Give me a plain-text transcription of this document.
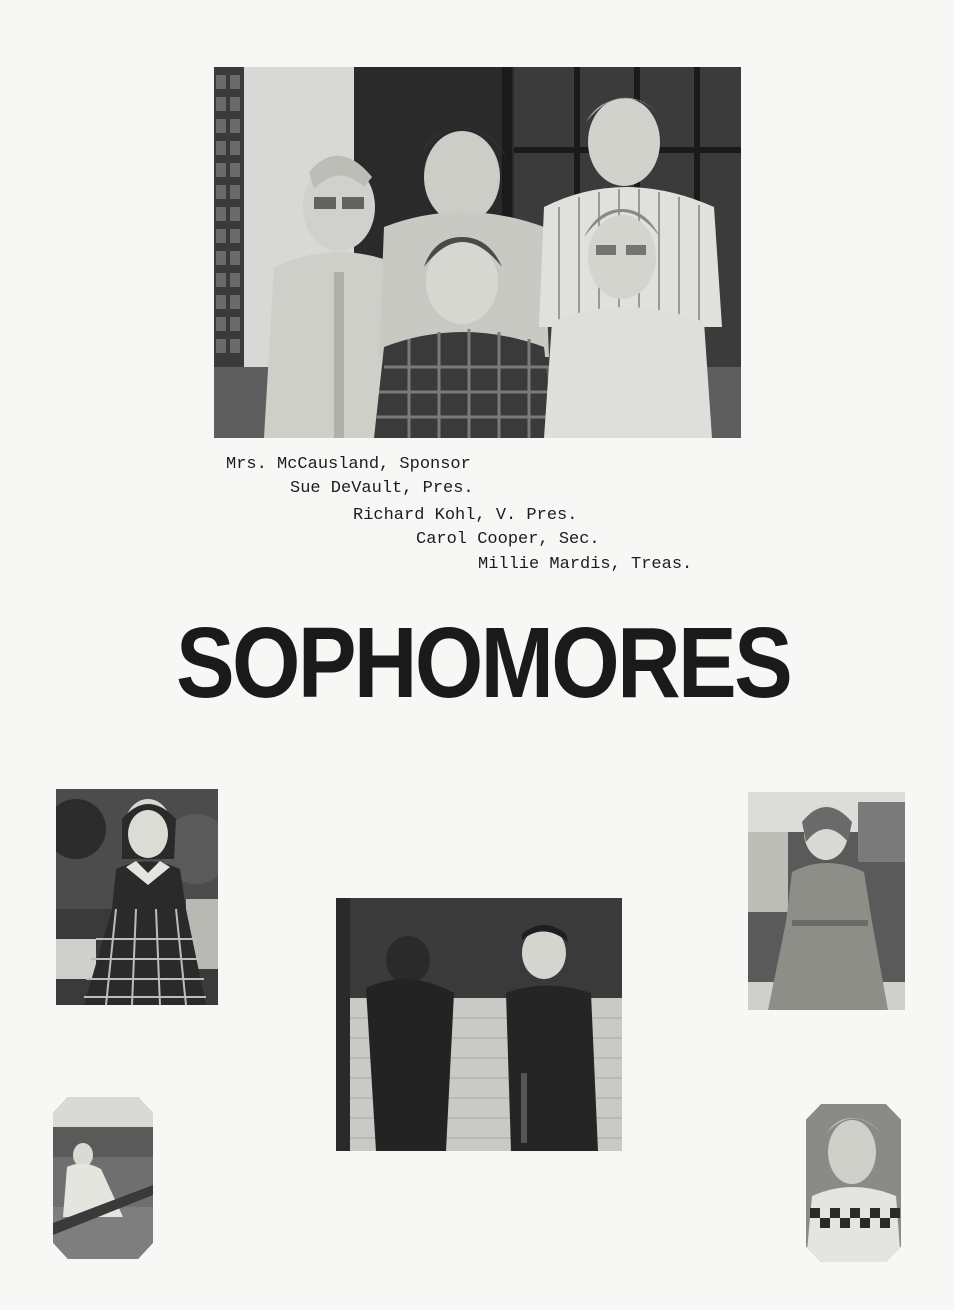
Mrs. McCausland, Sponsor
Sue DeVault, Pres.
Richard Kohl, V. Pres.
Carol Cooper, Sec.
Millie Mardis, Treas.
SOPHOMORES
